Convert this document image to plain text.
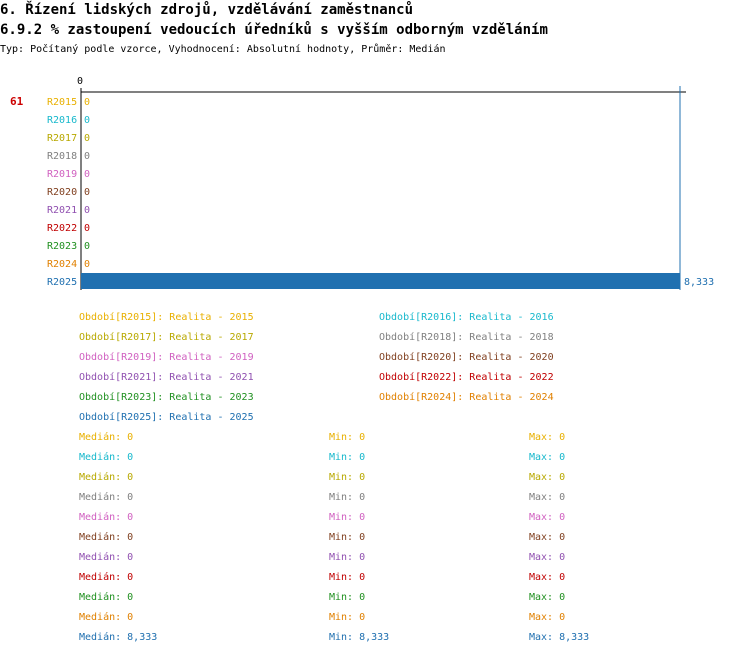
6. Řízení lidských zdrojů, vzdělávání zaměstnanců
6.9.2 % zastoupení vedoucích úředníků s vyšším odborným vzděláním
Typ: Počítaný podle vzorce, Vyhodnocení: Absolutní hodnoty, Průměr: Medián
0
61 R2015 0
R2016 0
R2017 0
R2018 0
R2019 0
R2020 0
R2021 0
R2022 0
R2023 0
R2024 0
R2025	8,333
Období[R2015]: Realita - 2015	Období[R2016]: Realita - 2016
Období[R2017]: Realita - 2017	Období[R2018]: Realita - 2018
Období[R2019]: Realita - 2019	Období[R2020]: Realita - 2020
Období[R2021]: Realita - 2021	Období[R2022]: Realita - 2022
Období[R2023]: Realita - 2023	Období[R2024]: Realita - 2024
Období[R2025]: Realita - 2025
Medián: 0	Min: 0	Max: 0
Medián: 0	Min: 0	Max: 0
Medián: 0	Min: 0	Max: 0
Medián: 0	Min: 0	Max: 0
Medián: 0	Min: 0	Max: 0
Medián: 0	Min: 0	Max: 0
Medián: 0	Min: 0	Max: 0
Medián: 0	Min: 0	Max: 0
Medián: 0	Min: 0	Max: 0
Medián: 0	Min: 0	Max: 0
Medián: 8,333	Min: 8,333	Max: 8,333
